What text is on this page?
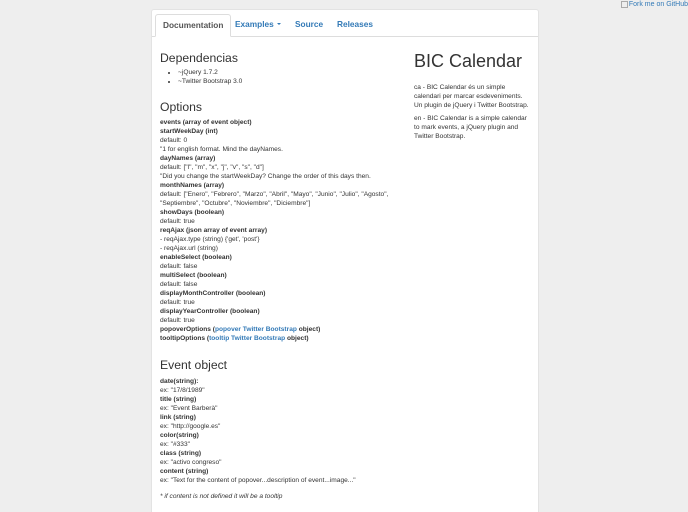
Fork me on GitHub
Documentation	Examples	Source	Releases
Dependencias
• ~jQuery 1.7.2
• ~Twitter Bootstrap 3.0
Options
events (array of event object)
startWeekDay (int)
default: 0
"1 for english format. Mind the dayNames.
dayNames (array)
default: ["l", "m", "x", "j", "v", "s", "d"]
"Did you change the startWeekDay? Change the order of this days then.
monthNames (array)
default: ["Enero", "Febrero", "Marzo", "Abril", "Mayo", "Junio", "Julio", "Agosto",
"Septiembre", "Octubre", "Noviembre", "Diciembre"]
showDays (boolean)
default: true
reqAjax (json array of event array)
- reqAjax.type (string) {'get', 'post'}
- reqAjax.url (string)
enableSelect (boolean)
default: false
multiSelect (boolean)
default: false
displayMonthController (boolean)
default: true
displayYearController (boolean)
default: true
popoverOptions (popover Twitter Bootstrap object)
tooltipOptions (tooltip Twitter Bootstrap object)
Event object
date(string):
ex: "17/8/1989"
title (string)
ex: "Event Barberà"
link (string)
ex: "http://google.es"
color(string)
ex: "#333"
class (string)
ex: "activo congreso"
content (string)
ex: "Text for the content of popover...description of event...image..."
* if content is not defined it will be a tooltip
BIC Calendar

ca - BIC Calendar és un simple calendari per marcar esdeveniments. Un plugin de jQuery i Twitter Bootstrap.

en - BIC Calendar is a simple calendar to mark events, a jQuery plugin and Twitter Bootstrap.
